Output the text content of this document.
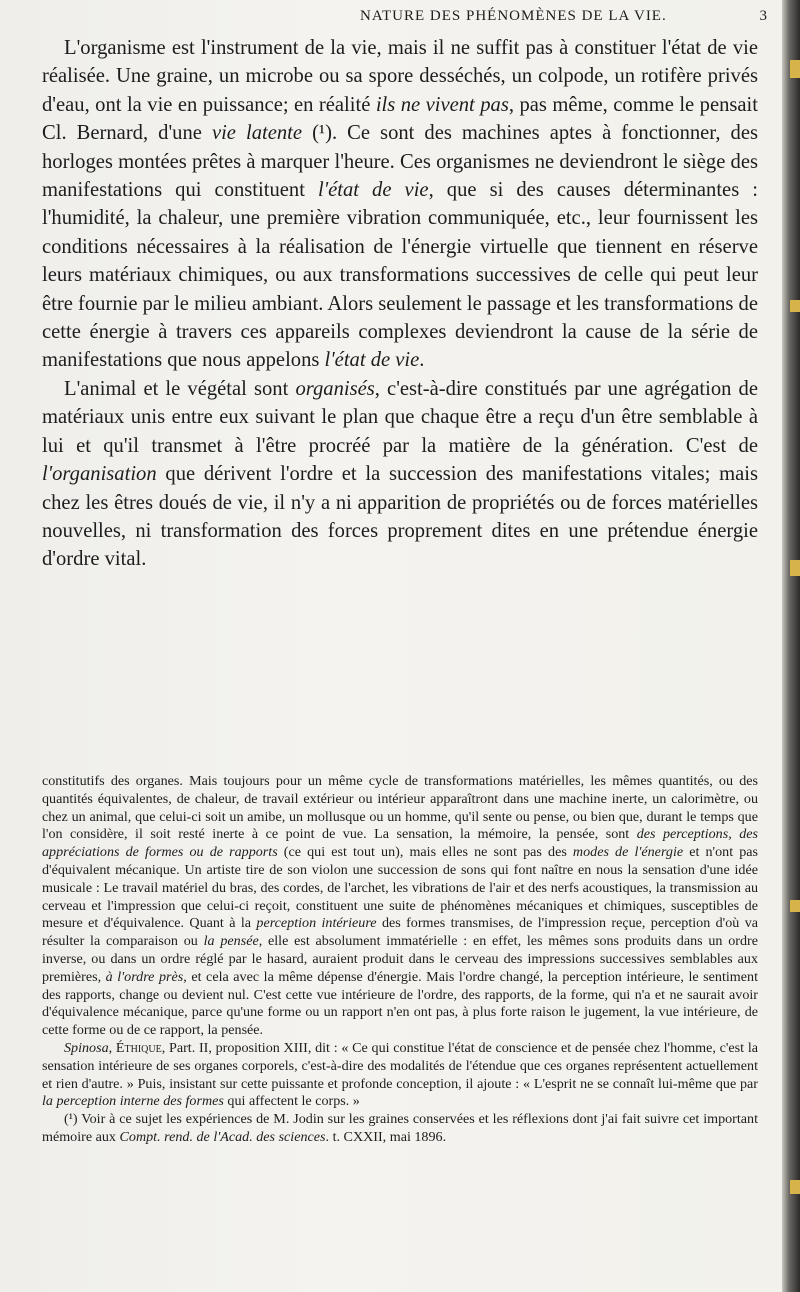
NATURE DES PHÉNOMÈNES DE LA VIE.	3

L'organisme est l'instrument de la vie, mais il ne suffit pas à constituer l'état de vie réalisée. Une graine, un microbe ou sa spore desséchés, un colpode, un rotifère privés d'eau, ont la vie en puissance; en réalité ils ne vivent pas, pas même, comme le pensait Cl. Bernard, d'une vie latente (¹). Ce sont des machines aptes à fonctionner, des horloges montées prêtes à marquer l'heure. Ces organismes ne deviendront le siège des manifestations qui constituent l'état de vie, que si des causes déterminantes : l'humidité, la chaleur, une première vibration communiquée, etc., leur fournissent les conditions nécessaires à la réalisation de l'énergie virtuelle que tiennent en réserve leurs matériaux chimiques, ou aux transformations successives de celle qui peut leur être fournie par le milieu ambiant. Alors seulement le passage et les transformations de cette énergie à travers ces appareils complexes deviendront la cause de la série de manifestations que nous appelons l'état de vie.

L'animal et le végétal sont organisés, c'est-à-dire constitués par une agrégation de matériaux unis entre eux suivant le plan que chaque être a reçu d'un être semblable à lui et qu'il transmet à l'être procréé par la matière de la génération. C'est de l'organisation que dérivent l'ordre et la succession des manifestations vitales; mais chez les êtres doués de vie, il n'y a ni apparition de propriétés ou de forces matérielles nouvelles, ni transformation des forces proprement dites en une prétendue énergie d'ordre vital.

constitutifs des organes. Mais toujours pour un même cycle de transformations matérielles, les mêmes quantités, ou des quantités équivalentes, de chaleur, de travail extérieur ou intérieur apparaîtront dans une machine inerte, un calorimètre, ou chez un animal, que celui-ci soit un amibe, un mollusque ou un homme, qu'il sente ou pense, ou bien que, durant le temps que l'on considère, il soit resté inerte à ce point de vue. La sensation, la mémoire, la pensée, sont des perceptions, des appréciations de formes ou de rapports (ce qui est tout un), mais elles ne sont pas des modes de l'énergie et n'ont pas d'équivalent mécanique. Un artiste tire de son violon une succession de sons qui font naître en nous la sensation d'une idée musicale : Le travail matériel du bras, des cordes, de l'archet, les vibrations de l'air et des nerfs acoustiques, la transmission au cerveau et l'impression que celui-ci reçoit, constituent une suite de phénomènes mécaniques et chimiques, susceptibles de mesure et d'équivalence. Quant à la perception intérieure des formes transmises, de l'impression reçue, perception d'où va résulter la comparaison ou la pensée, elle est absolument immatérielle : en effet, les mêmes sons produits dans un ordre inverse, ou dans un ordre réglé par le hasard, auraient produit dans le cerveau des impressions successives semblables aux premières, à l'ordre près, et cela avec la même dépense d'énergie. Mais l'ordre changé, la perception intérieure, le sentiment des rapports, change ou devient nul. C'est cette vue intérieure de l'ordre, des rapports, de la forme, qui n'a et ne saurait avoir d'équivalence mécanique, parce qu'une forme ou un rapport n'en ont pas, à plus forte raison le jugement, la vue intérieure, de cette forme ou de ce rapport, la pensée.

Spinosa, Éthique, Part. II, proposition XIII, dit : « Ce qui constitue l'état de conscience et de pensée chez l'homme, c'est la sensation intérieure de ses organes corporels, c'est-à-dire des modalités de l'étendue que ces organes représentent actuellement et rien d'autre. » Puis, insistant sur cette puissante et profonde conception, il ajoute : « L'esprit ne se connaît lui-même que par la perception interne des formes qui affectent le corps. »

(¹) Voir à ce sujet les expériences de M. Jodin sur les graines conservées et les réflexions dont j'ai fait suivre cet important mémoire aux Compt. rend. de l'Acad. des sciences. t. CXXII, mai 1896.
